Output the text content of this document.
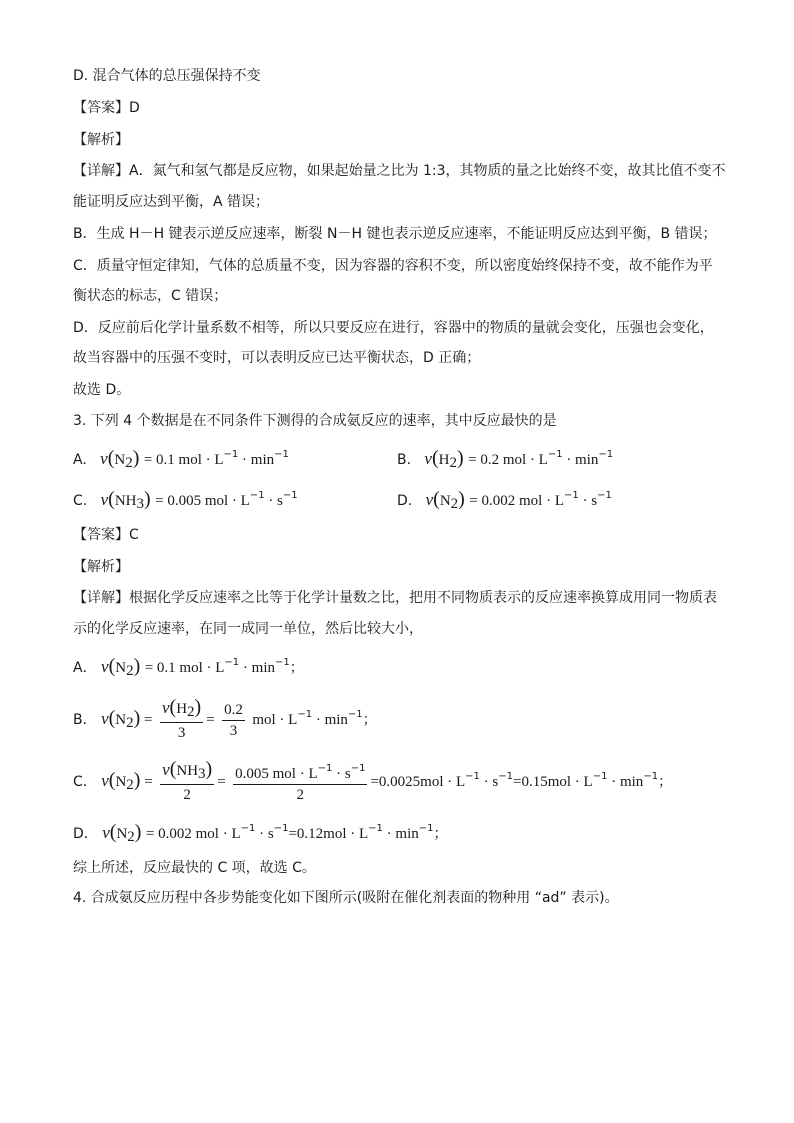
D. 混合气体的总压强保持不变
【答案】D
【解析】
【详解】A．氮气和氢气都是反应物，如果起始量之比为 1:3，其物质的量之比始终不变，故其比值不变不
能证明反应达到平衡，A 错误；
B．生成 H－H 键表示逆反应速率，断裂 N－H 键也表示逆反应速率，不能证明反应达到平衡，B 错误；
C．质量守恒定律知，气体的总质量不变，因为容器的容积不变，所以密度始终保持不变，故不能作为平
衡状态的标志，C 错误；
D．反应前后化学计量系数不相等，所以只要反应在进行，容器中的物质的量就会变化，压强也会变化，
故当容器中的压强不变时，可以表明反应已达平衡状态，D 正确；
故选 D。
3. 下列 4 个数据是在不同条件下测得的合成氨反应的速率，其中反应最快的是
A. $v(N_2) = 0.1$ mol · $L^{-1} \cdot \min^{-1}$	B. $v(H_2) = 0.2$ mol · $L^{-1} \cdot \min^{-1}$
C. $v(NH_3) = 0.005$ mol · $L^{-1} \cdot s^{-1}$	D. $v(N_2) = 0.002$ mol · $L^{-1} \cdot s^{-1}$
【答案】C
【解析】
【详解】根据化学反应速率之比等于化学计量数之比，把用不同物质表示的反应速率换算成用同一物质表
示的化学反应速率，在同一成同一单位，然后比较大小，
A． $v(N_2) = 0.1$ mol · $L^{-1} \cdot \min^{-1}$；
B． $v(N_2) = \frac{v(H_2)}{3} = \frac{0.2}{3}$ mol · $L^{-1} \cdot \min^{-1}$；
C． $v(N_2) = \frac{v(NH_3)}{2} = \frac{0.005 mol \cdot L^{-1} \cdot s^{-1}}{2} =0.0025mol \cdot L^{-1} \cdot s^{-1}=0.15mol \cdot L^{-1} \cdot \min^{-1}$；
D． $v(N_2) = 0.002$ mol · $L^{-1} \cdot s^{-1}=0.12mol \cdot L^{-1} \cdot \min^{-1}$；
综上所述，反应最快的 C 项，故选 C。
4. 合成氨反应历程中各步势能变化如下图所示(吸附在催化剂表面的物种用 “ad” 表示)。
